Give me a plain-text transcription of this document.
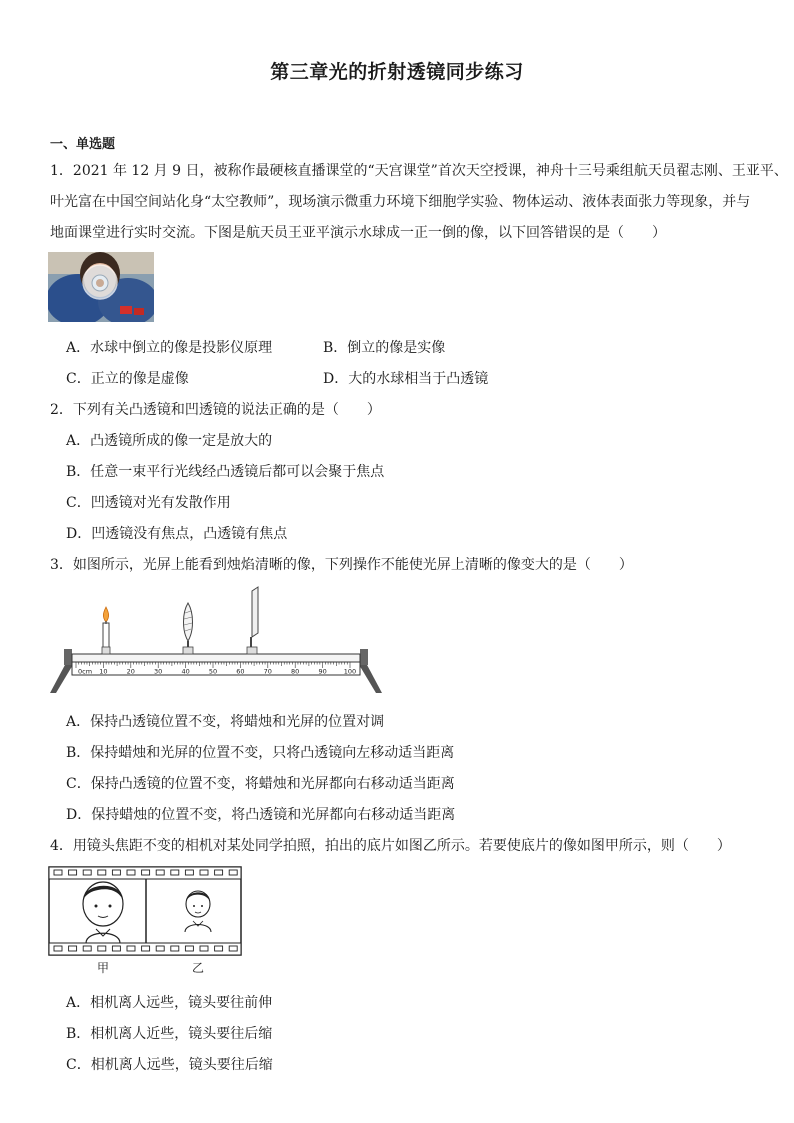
第三章光的折射透镜同步练习
一、单选题
1．2021 年 12 月 9 日，被称作最硬核直播课堂的“天宫课堂”首次天空授课，神舟十三号乘组航天员翟志刚、王亚平、
叶光富在中国空间站化身“太空教师”，现场演示微重力环境下细胞学实验、物体运动、液体表面张力等现象，并与
地面课堂进行实时交流。下图是航天员王亚平演示水球成一正一倒的像，以下回答错误的是（　　）
A．水球中倒立的像是投影仪原理	B．倒立的像是实像
C．正立的像是虚像	D．大的水球相当于凸透镜
2．下列有关凸透镜和凹透镜的说法正确的是（　　）
A．凸透镜所成的像一定是放大的
B．任意一束平行光线经凸透镜后都可以会聚于焦点
C．凹透镜对光有发散作用
D．凹透镜没有焦点，凸透镜有焦点
3．如图所示，光屏上能看到烛焰清晰的像，下列操作不能使光屏上清晰的像变大的是（　　）
0cm 10	20	30	40	50	60	70	80	90	100
A．保持凸透镜位置不变，将蜡烛和光屏的位置对调
B．保持蜡烛和光屏的位置不变，只将凸透镜向左移动适当距离
C．保持凸透镜的位置不变，将蜡烛和光屏都向右移动适当距离
D．保持蜡烛的位置不变，将凸透镜和光屏都向右移动适当距离
4．用镜头焦距不变的相机对某处同学拍照，拍出的底片如图乙所示。若要使底片的像如图甲所示，则（　　）
甲	乙
A．相机离人远些，镜头要往前伸
B．相机离人近些，镜头要往后缩
C．相机离人远些，镜头要往后缩
